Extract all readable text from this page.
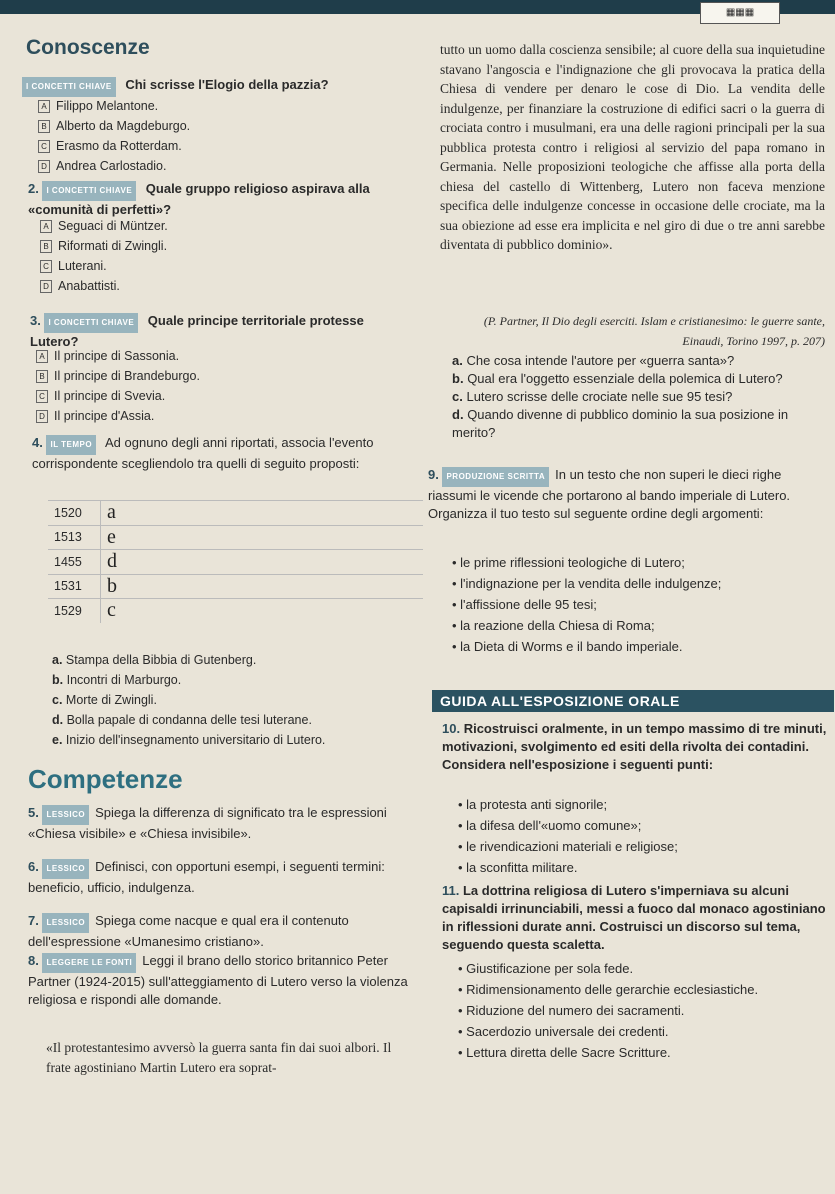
▦▦▦
Conoscenze
I CONCETTI CHIAVE Chi scrisse l'Elogio della pazzia?
A Filippo Melantone.
B Alberto da Magdeburgo.
C Erasmo da Rotterdam.
D Andrea Carlostadio.
2. I CONCETTI CHIAVE Quale gruppo religioso aspirava alla «comunità di perfetti»?
A Seguaci di Müntzer.
B Riformati di Zwingli.
C Luterani.
D Anabattisti.
3. I CONCETTI CHIAVE Quale principe territoriale protesse Lutero?
A Il principe di Sassonia.
B Il principe di Brandeburgo.
C Il principe di Svevia.
D Il principe d'Assia.
4. IL TEMPO Ad ognuno degli anni riportati, associa l'evento corrispondente scegliendolo tra quelli di seguito proposti:
1520	a
1513	e
1455	d
1531	b
1529	c
a. Stampa della Bibbia di Gutenberg.
b. Incontri di Marburgo.
c. Morte di Zwingli.
d. Bolla papale di condanna delle tesi luterane.
e. Inizio dell'insegnamento universitario di Lutero.
Competenze
5. LESSICO Spiega la differenza di significato tra le espressioni «Chiesa visibile» e «Chiesa invisibile».
6. LESSICO Definisci, con opportuni esempi, i seguenti termini: beneficio, ufficio, indulgenza.
7. LESSICO Spiega come nacque e qual era il contenuto dell'espressione «Umanesimo cristiano».
8. LEGGERE LE FONTI Leggi il brano dello storico britannico Peter Partner (1924-2015) sull'atteggiamento di Lutero verso la violenza religiosa e rispondi alle domande.
«Il protestantesimo avversò la guerra santa fin dai suoi albori. Il frate agostiniano Martin Lutero era soprat-
tutto un uomo dalla coscienza sensibile; al cuore della sua inquietudine stavano l'angoscia e l'indignazione che gli provocava la pratica della Chiesa di vendere per denaro le cose di Dio. La vendita delle indulgenze, per finanziare la costruzione di edifici sacri o la guerra di crociata contro i musulmani, era una delle ragioni principali per la sua pubblica protesta contro i religiosi al servizio del papa romano in Germania. Nelle proposizioni teologiche che affisse alla porta della chiesa del castello di Wittenberg, Lutero non faceva menzione specifica delle indulgenze concesse in occasione delle crociate, ma la sua obiezione ad esse era implicita e nel giro di due o tre anni sarebbe diventata di pubblico dominio».
(P. Partner, Il Dio degli eserciti. Islam e cristianesimo: le guerre sante, Einaudi, Torino 1997, p. 207)
a. Che cosa intende l'autore per «guerra santa»?
b. Qual era l'oggetto essenziale della polemica di Lutero?
c. Lutero scrisse delle crociate nelle sue 95 tesi?
d. Quando divenne di pubblico dominio la sua posizione in merito?
9. PRODUZIONE SCRITTA In un testo che non superi le dieci righe riassumi le vicende che portarono al bando imperiale di Lutero. Organizza il tuo testo sul seguente ordine degli argomenti:
• le prime riflessioni teologiche di Lutero;
• l'indignazione per la vendita delle indulgenze;
• l'affissione delle 95 tesi;
• la reazione della Chiesa di Roma;
• la Dieta di Worms e il bando imperiale.
GUIDA ALL'ESPOSIZIONE ORALE
10. Ricostruisci oralmente, in un tempo massimo di tre minuti, motivazioni, svolgimento ed esiti della rivolta dei contadini. Considera nell'esposizione i seguenti punti:
• la protesta anti signorile;
• la difesa dell'«uomo comune»;
• le rivendicazioni materiali e religiose;
• la sconfitta militare.
11. La dottrina religiosa di Lutero s'imperniava su alcuni capisaldi irrinunciabili, messi a fuoco dal monaco agostiniano in riflessioni durate anni. Costruisci un discorso sul tema, seguendo questa scaletta.
• Giustificazione per sola fede.
• Ridimensionamento delle gerarchie ecclesiastiche.
• Riduzione del numero dei sacramenti.
• Sacerdozio universale dei credenti.
• Lettura diretta delle Sacre Scritture.
